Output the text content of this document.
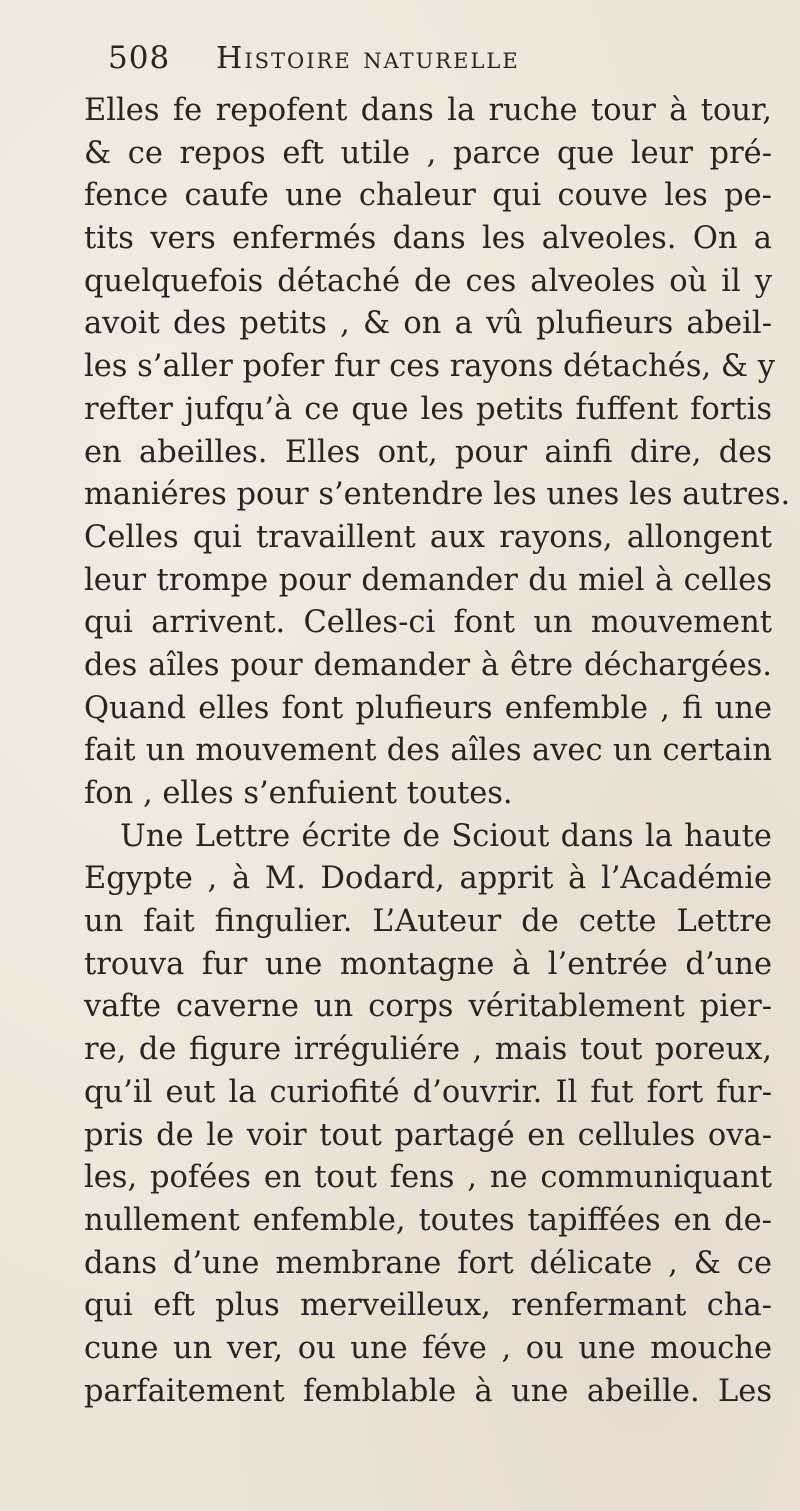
508 Histoire naturelle
Elles fe repofent dans la ruche tour à tour,
& ce repos eft utile , parce que leur pré-
fence caufe une chaleur qui couve les pe-
tits vers enfermés dans les alveoles. On a
quelquefois détaché de ces alveoles où il y
avoit des petits , & on a vû plufieurs abeil-
les s’aller pofer fur ces rayons détachés, & y
refter jufqu’à ce que les petits fuffent fortis
en abeilles. Elles ont, pour ainfi dire, des
maniéres pour s’entendre les unes les autres.
Celles qui travaillent aux rayons, allongent
leur trompe pour demander du miel à celles
qui arrivent. Celles-ci font un mouvement
des aîles pour demander à être déchargées.
Quand elles font plufieurs enfemble , fi une
fait un mouvement des aîles avec un certain
fon , elles s’enfuient toutes.
Une Lettre écrite de Sciout dans la haute
Egypte , à M. Dodard, apprit à l’Académie
un fait fingulier. L’Auteur de cette Lettre
trouva fur une montagne à l’entrée d’une
vafte caverne un corps véritablement pier-
re, de figure irréguliére , mais tout poreux,
qu’il eut la curiofité d’ouvrir. Il fut fort fur-
pris de le voir tout partagé en cellules ova-
les, pofées en tout fens , ne communiquant
nullement enfemble, toutes tapiffées en de-
dans d’une membrane fort délicate , & ce
qui eft plus merveilleux, renfermant cha-
cune un ver, ou une féve , ou une mouche
parfaitement femblable à une abeille. Les
